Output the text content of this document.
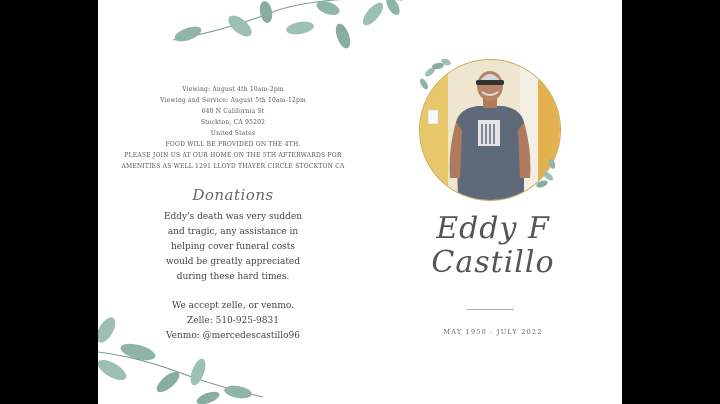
Viewing: August 4th 10am-2pm
Viewing and Service: August 5th 10am-12pm
640 N California St
Stockton, CA 95202
United States
FOOD WILL BE PROVIDED ON THE 4TH.
PLEASE JOIN US AT OUR HOME ON THE 5TH AFTERWARDS FOR
AMENITIES AS WELL 1291 LLOYD THAYER CIRCLE STOCKTON CA
Donations
Eddy's death was very sudden
and tragic, any assistance in
helping cover funeral costs
would be greatly appreciated
during these hard times.
We accept zelle, or venmo.
Zelle: 510-925-9831
Venmo: @mercedescastillo96
Eddy F
Castillo
MAY 1950 - JULY 2022
